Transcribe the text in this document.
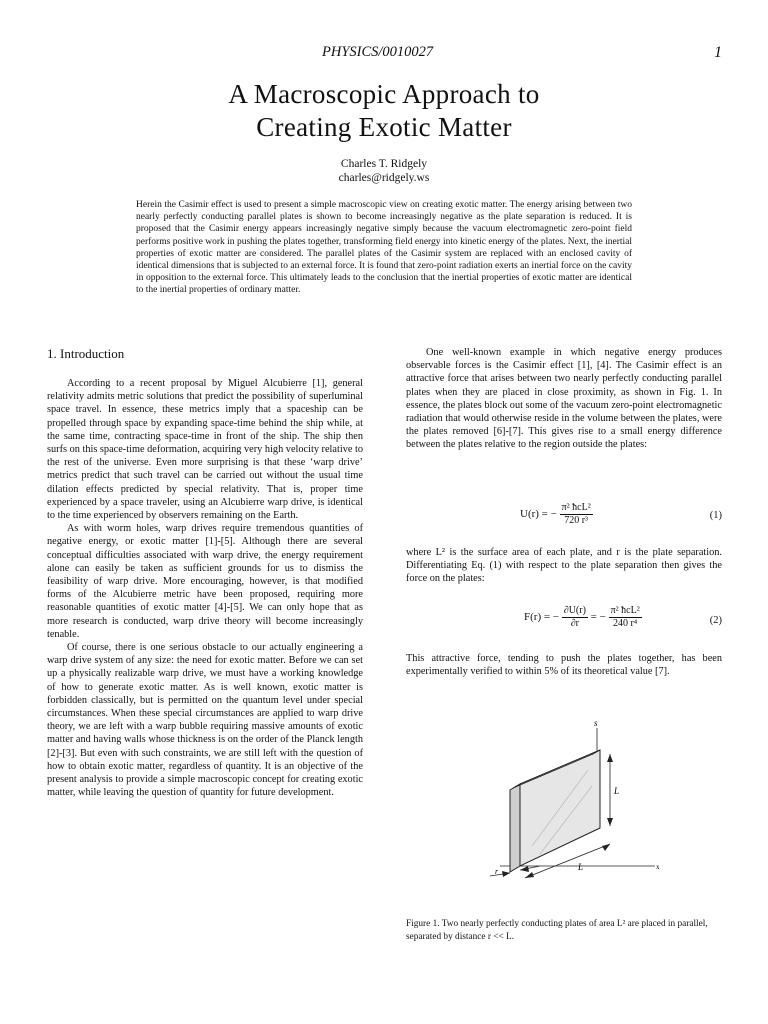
PHYSICS/0010027	1
A Macroscopic Approach to
Creating Exotic Matter
Charles T. Ridgely
charles@ridgely.ws
Herein the Casimir effect is used to present a simple macroscopic view on creating exotic matter. The energy arising between two nearly perfectly conducting parallel plates is shown to become increasingly negative as the plate separation is reduced. It is proposed that the Casimir energy appears increasingly negative simply because the vacuum electromagnetic zero-point field performs positive work in pushing the plates together, transforming field energy into kinetic energy of the plates. Next, the inertial properties of exotic matter are considered. The parallel plates of the Casimir system are replaced with an enclosed cavity of identical dimensions that is subjected to an external force. It is found that zero-point radiation exerts an inertial force on the cavity in opposition to the external force. This ultimately leads to the conclusion that the inertial properties of exotic matter are identical to the inertial properties of ordinary matter.
1. Introduction

According to a recent proposal by Miguel Alcubierre [1], general relativity admits metric solutions that predict the possibility of superluminal space travel. In essence, these metrics imply that a spaceship can be propelled through space by expanding space-time behind the ship while, at the same time, contracting space-time in front of the ship. The ship then surfs on this space-time deformation, acquiring very high velocity relative to the rest of the universe. Even more surprising is that these ‘warp drive’ metrics predict that such travel can be carried out without the usual time dilation effects predicted by special relativity. That is, proper time experienced by a space traveler, using an Alcubierre warp drive, is identical to the time experienced by observers remaining on the Earth.

As with worm holes, warp drives require tremendous quantities of negative energy, or exotic matter [1]-[5]. Although there are several conceptual difficulties associated with warp drive, the energy requirement alone can easily be taken as sufficient grounds for us to dismiss the feasibility of warp drive. More encouraging, however, is that modified forms of the Alcubierre metric have been proposed, requiring more reasonable quantities of exotic matter [4]-[5]. We can only hope that as more research is conducted, warp drive theory will become increasingly tenable.

Of course, there is one serious obstacle to our actually engineering a warp drive system of any size: the need for exotic matter. Before we can set up a physically realizable warp drive, we must have a working knowledge of how to generate exotic matter. As is well known, exotic matter is forbidden classically, but is permitted on the quantum level under special circumstances. When these special circumstances are applied to warp drive theory, we are left with a warp bubble requiring massive amounts of exotic matter and having walls whose thickness is on the order of the Planck length [2]-[3]. But even with such constraints, we are still left with the question of how to obtain exotic matter, regardless of quantity. It is an objective of the present analysis to provide a simple macroscopic concept for creating exotic matter, while leaving the question of quantity for future development.

One well-known example in which negative energy produces observable forces is the Casimir effect [1], [4]. The Casimir effect is an attractive force that arises between two nearly perfectly conducting parallel plates when they are placed in close proximity, as shown in Fig. 1. In essence, the plates block out some of the vacuum zero-point electromagnetic radiation that would otherwise reside in the volume between the plates, were the plates removed [6]-[7]. This gives rise to a small energy difference between the plates relative to the region outside the plates:

U(r) = − $\frac{\text{π² ħcL²}}{\text{720 r³}}$	(1)

where L² is the surface area of each plate, and r is the plate separation. Differentiating Eq. (1) with respect to the plate separation then gives the force on the plates:

F(r) = − $\frac{\partial U(r)}{\partial r}$ = − $\frac{\text{π² ħcL²}}{\text{240 r⁴}}$	(2)

This attractive force, tending to push the plates together, has been experimentally verified to within 5% of its theoretical value [7].

s
x
L
L
r
Figure 1. Two nearly perfectly conducting plates of area L² are placed in parallel, separated by distance r << L.
